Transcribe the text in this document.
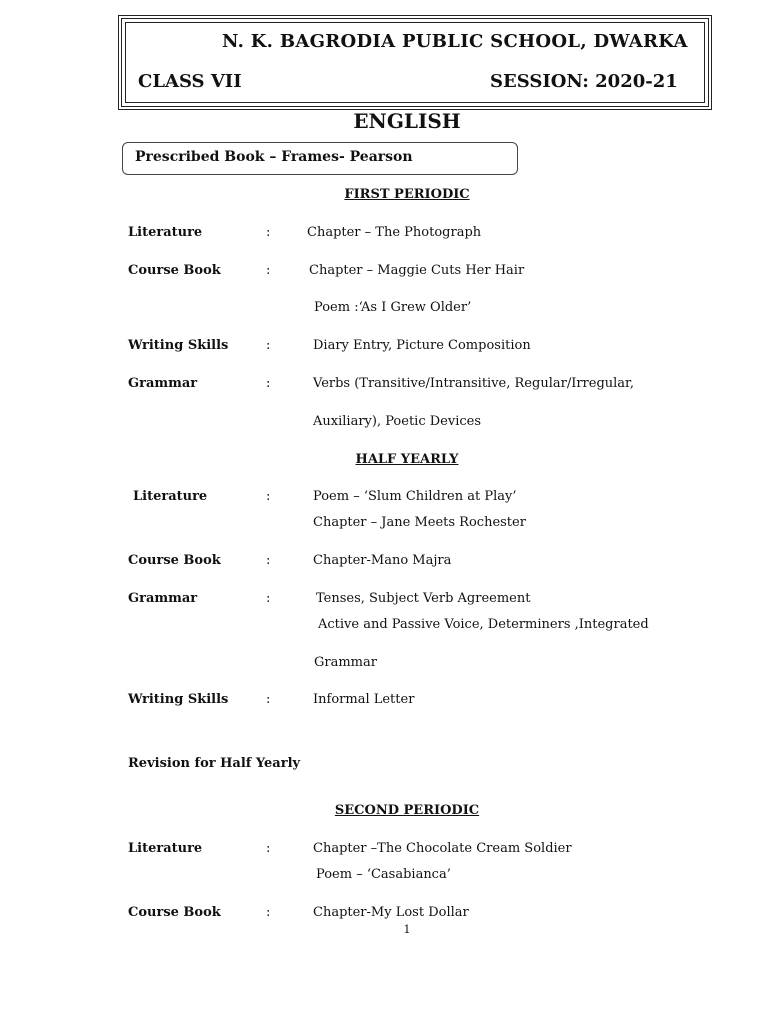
N. K. BAGRODIA PUBLIC SCHOOL, DWARKA
CLASS VII	SESSION: 2020-21
ENGLISH
Prescribed Book – Frames- Pearson
FIRST PERIODIC
Literature	:	Chapter – The Photograph
Course Book	:	Chapter – Maggie Cuts Her Hair
Poem :‘As I Grew Older’
Writing Skills	:	Diary Entry, Picture Composition
Grammar	:	Verbs (Transitive/Intransitive, Regular/Irregular,
Auxiliary), Poetic Devices
HALF YEARLY
Literature	:	Poem – ‘Slum Children at Play’
Chapter – Jane Meets Rochester
Course Book	:	Chapter-Mano Majra
Grammar	:	Tenses, Subject Verb Agreement
Active and Passive Voice, Determiners ,Integrated
Grammar
Writing Skills	:	Informal Letter
Revision for Half Yearly
SECOND PERIODIC
Literature	:	Chapter –The Chocolate Cream Soldier
Poem – ‘Casabianca’
Course Book	:	Chapter-My Lost Dollar
1
